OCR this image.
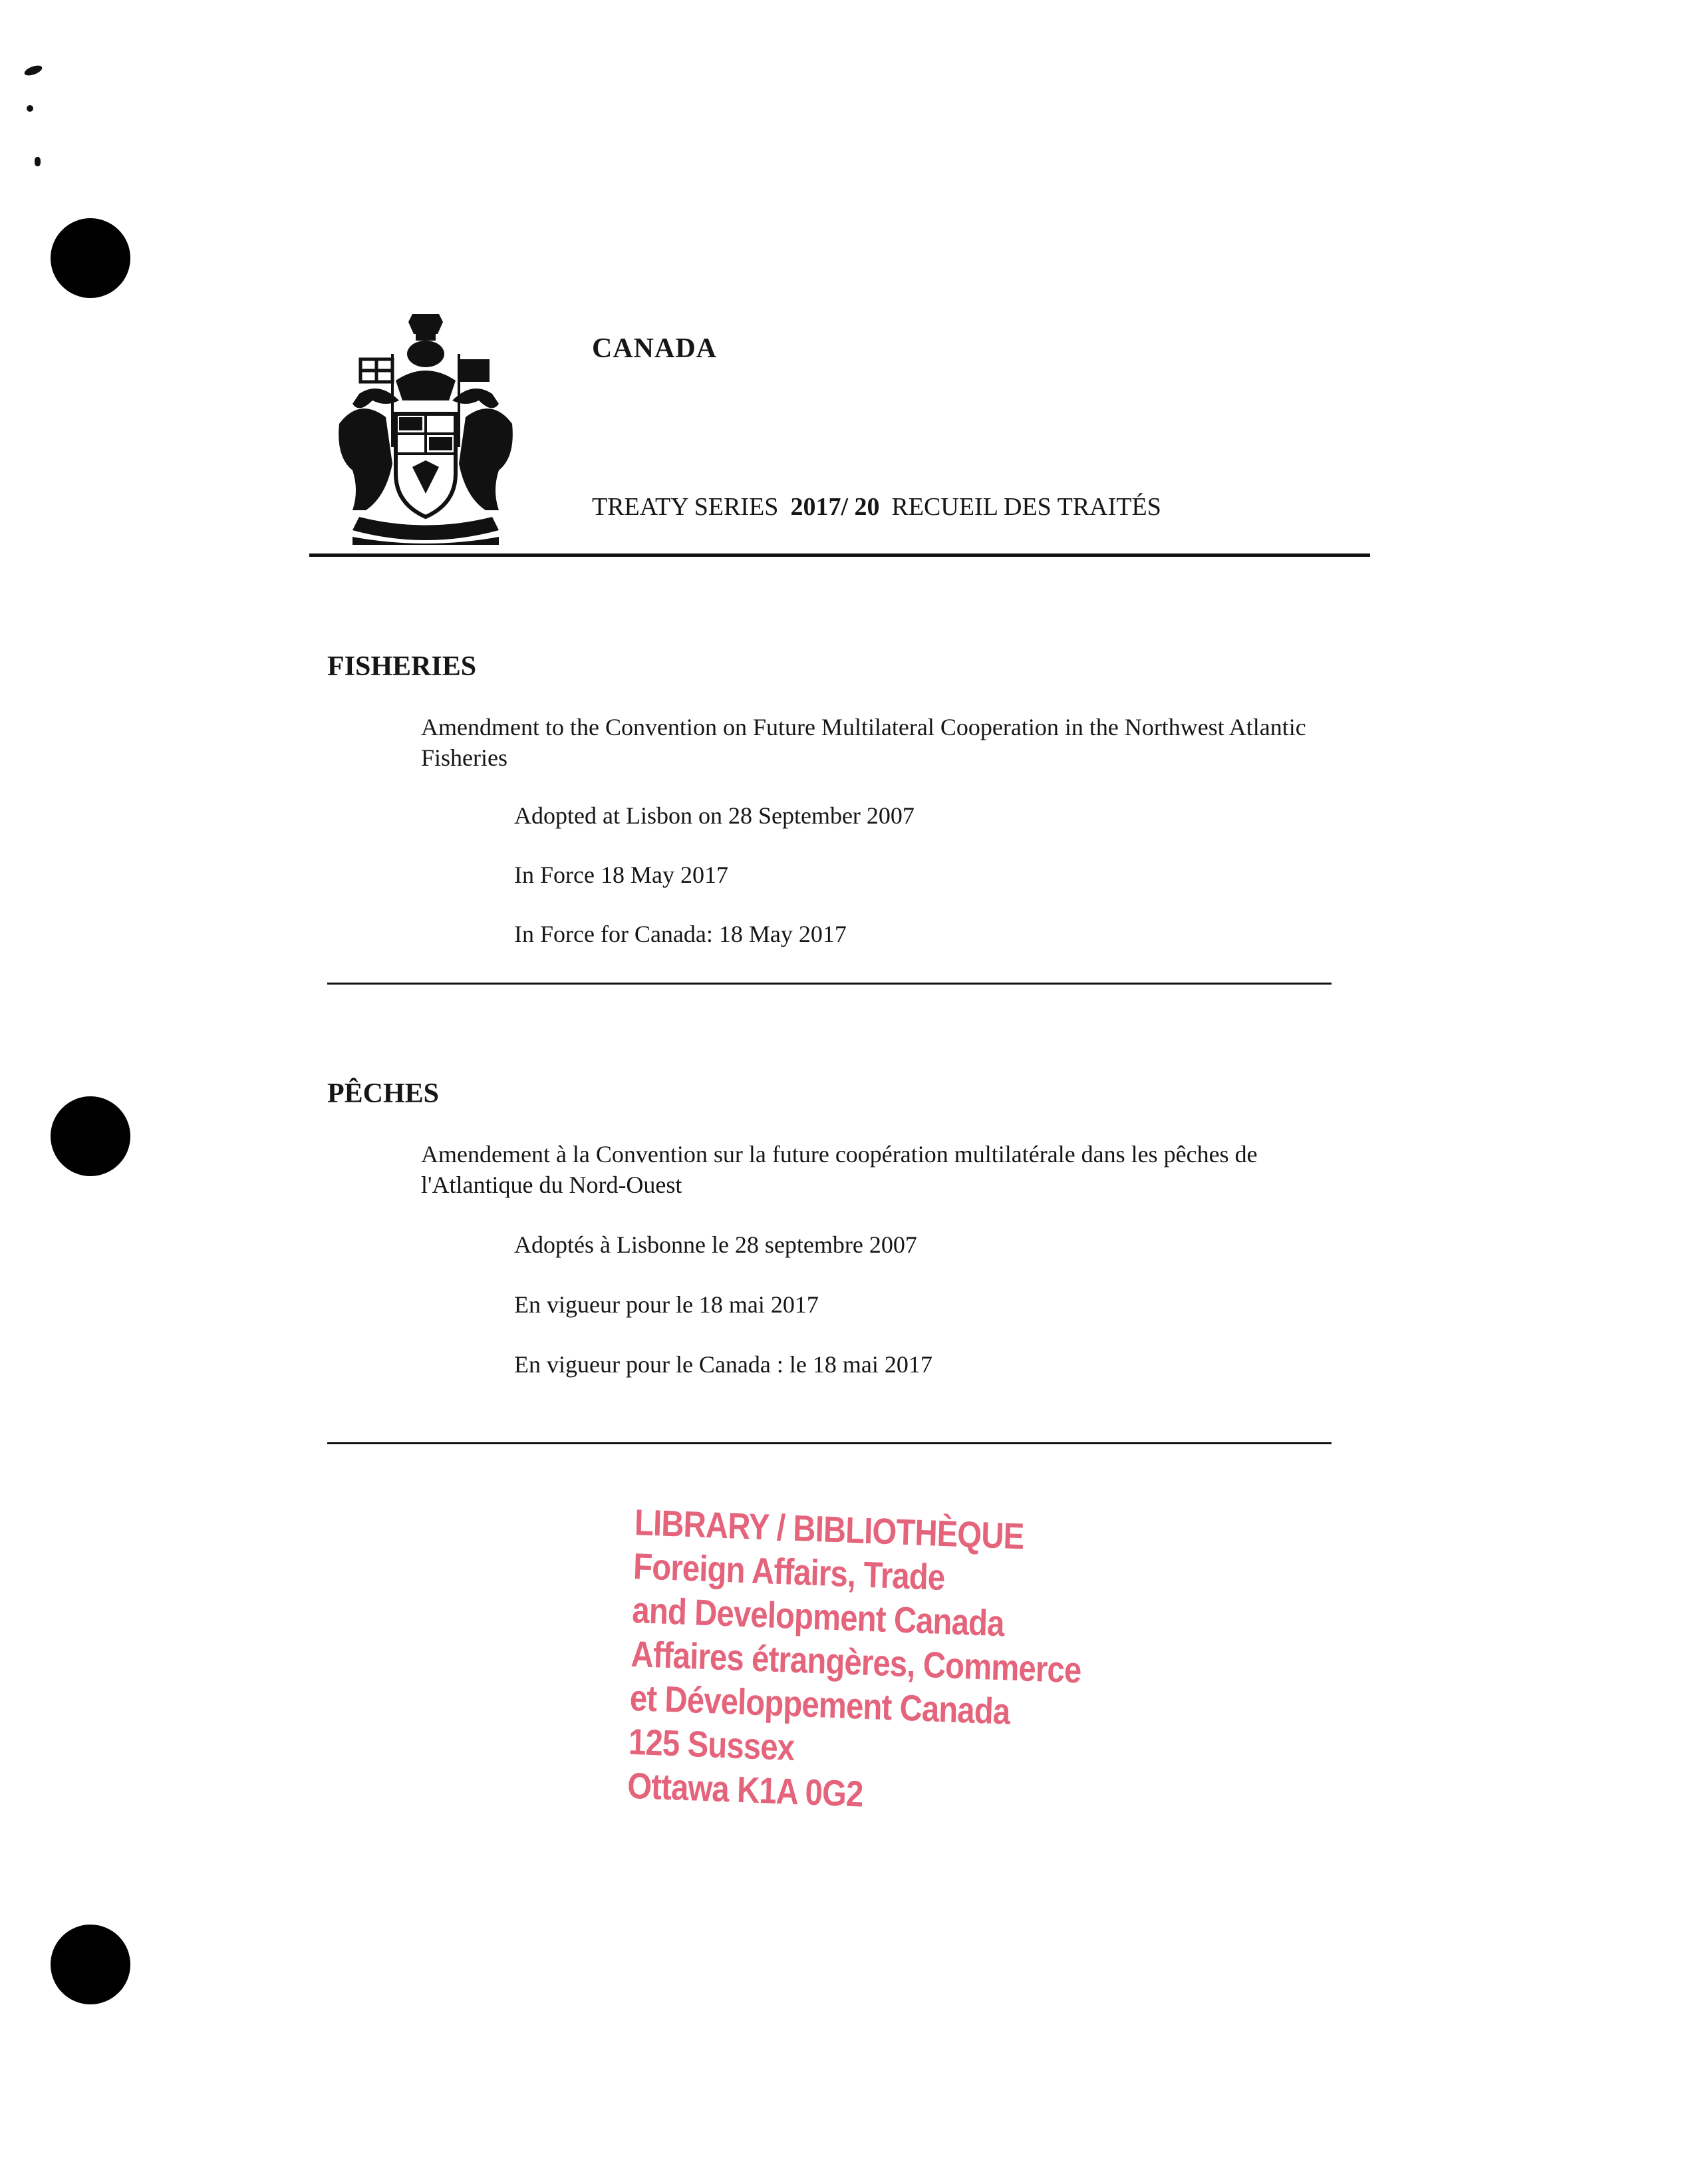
CANADA
TREATY SERIES 2017/ 20 RECUEIL DES TRAITÉS
FISHERIES
Amendment to the Convention on Future Multilateral Cooperation in the Northwest Atlantic Fisheries
Adopted at Lisbon on 28 September 2007
In Force 18 May 2017
In Force for Canada: 18 May 2017
PÊCHES
Amendement à la Convention sur la future coopération multilatérale dans les pêches de l'Atlantique du Nord-Ouest
Adoptés à Lisbonne le 28 septembre 2007
En vigueur pour le 18 mai 2017
En vigueur pour le Canada : le 18 mai 2017
LIBRARY / BIBLIOTHÈQUE
Foreign Affairs, Trade
and Development Canada
Affaires étrangères, Commerce
et Développement Canada
125 Sussex
Ottawa K1A 0G2
